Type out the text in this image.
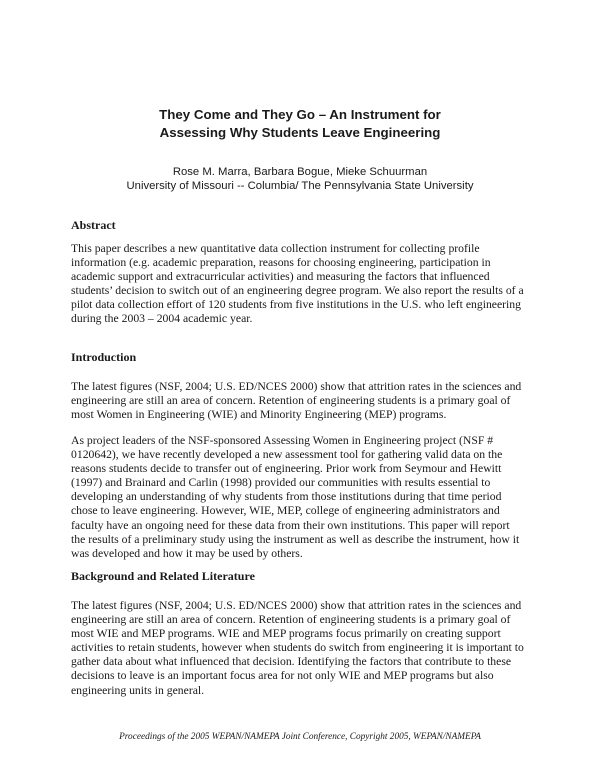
They Come and They Go – An Instrument for
Assessing Why Students Leave Engineering
Rose M. Marra, Barbara Bogue, Mieke Schuurman
University of Missouri -- Columbia/ The Pennsylvania State University
Abstract
This paper describes a new quantitative data collection instrument for collecting profile
information (e.g. academic preparation, reasons for choosing engineering, participation in
academic support and extracurricular activities) and measuring the factors that influenced
students’ decision to switch out of an engineering degree program. We also report the results of a
pilot data collection effort of 120 students from five institutions in the U.S. who left engineering
during the 2003 – 2004 academic year.
Introduction
The latest figures (NSF, 2004; U.S. ED/NCES 2000) show that attrition rates in the sciences and
engineering are still an area of concern. Retention of engineering students is a primary goal of
most Women in Engineering (WIE) and Minority Engineering (MEP) programs.
As project leaders of the NSF-sponsored Assessing Women in Engineering project (NSF #
0120642), we have recently developed a new assessment tool for gathering valid data on the
reasons students decide to transfer out of engineering. Prior work from Seymour and Hewitt
(1997) and Brainard and Carlin (1998) provided our communities with results essential to
developing an understanding of why students from those institutions during that time period
chose to leave engineering. However, WIE, MEP, college of engineering administrators and
faculty have an ongoing need for these data from their own institutions. This paper will report
the results of a preliminary study using the instrument as well as describe the instrument, how it
was developed and how it may be used by others.
Background and Related Literature
The latest figures (NSF, 2004; U.S. ED/NCES 2000) show that attrition rates in the sciences and
engineering are still an area of concern. Retention of engineering students is a primary goal of
most WIE and MEP programs. WIE and MEP programs focus primarily on creating support
activities to retain students, however when students do switch from engineering it is important to
gather data about what influenced that decision. Identifying the factors that contribute to these
decisions to leave is an important focus area for not only WIE and MEP programs but also
engineering units in general.
Proceedings of the 2005 WEPAN/NAMEPA Joint Conference, Copyright 2005, WEPAN/NAMEPA
